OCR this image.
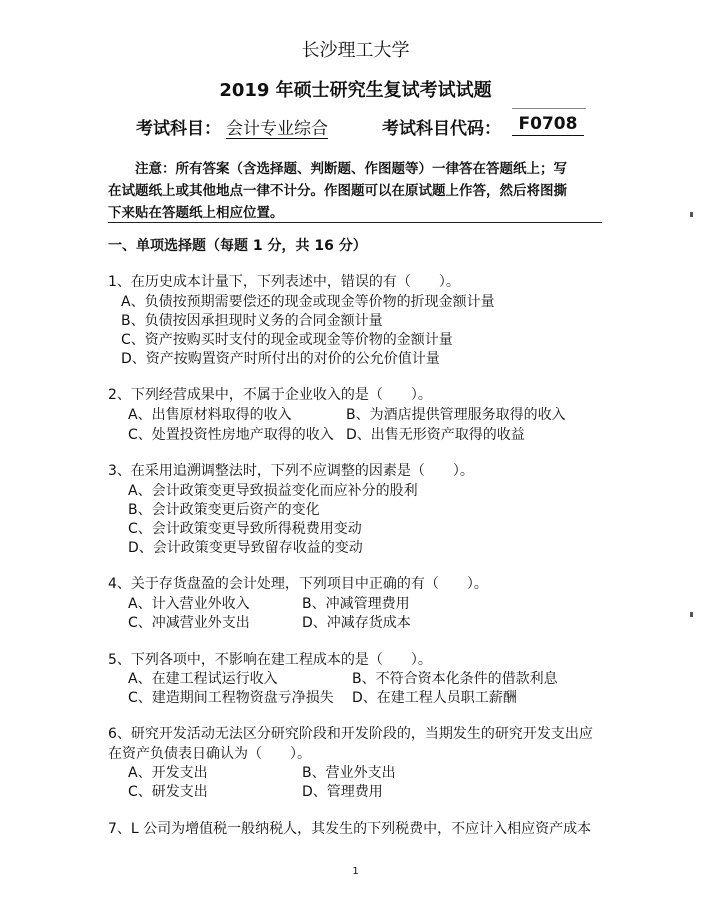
长沙理工大学
2019 年硕士研究生复试考试试题
考试科目： 会计专业综合	考试科目代码：	F0708
注意：所有答案（含选择题、判断题、作图题等）一律答在答题纸上；写
在试题纸上或其他地点一律不计分。作图题可以在原试题上作答，然后将图撕
下来贴在答题纸上相应位置。
一、单项选择题（每题 1 分，共 16 分）
1、在历史成本计量下，下列表述中，错误的有（　　）。
A、负债按预期需要偿还的现金或现金等价物的折现金额计量
B、负债按因承担现时义务的合同金额计量
C、资产按购买时支付的现金或现金等价物的金额计量
D、资产按购置资产时所付出的对价的公允价值计量
2、下列经营成果中，不属于企业收入的是（　　）。
A、出售原材料取得的收入	B、为酒店提供管理服务取得的收入
C、处置投资性房地产取得的收入 D、出售无形资产取得的收益
3、在采用追溯调整法时，下列不应调整的因素是（　　）。
A、会计政策变更导致损益变化而应补分的股利
B、会计政策变更后资产的变化
C、会计政策变更导致所得税费用变动
D、会计政策变更导致留存收益的变动
4、关于存货盘盈的会计处理，下列项目中正确的有（　　）。
A、计入营业外收入	B、冲减管理费用
C、冲减营业外支出	D、冲减存货成本
5、下列各项中，不影响在建工程成本的是（　　）。
A、在建工程试运行收入	B、不符合资本化条件的借款利息
C、建造期间工程物资盘亏净损失 D、在建工程人员职工薪酬
6、研究开发活动无法区分研究阶段和开发阶段的，当期发生的研究开发支出应
在资产负债表日确认为（　　）。
A、开发支出	B、营业外支出
C、研发支出	D、管理费用
7、L 公司为增值税一般纳税人，其发生的下列税费中，不应计入相应资产成本
1
